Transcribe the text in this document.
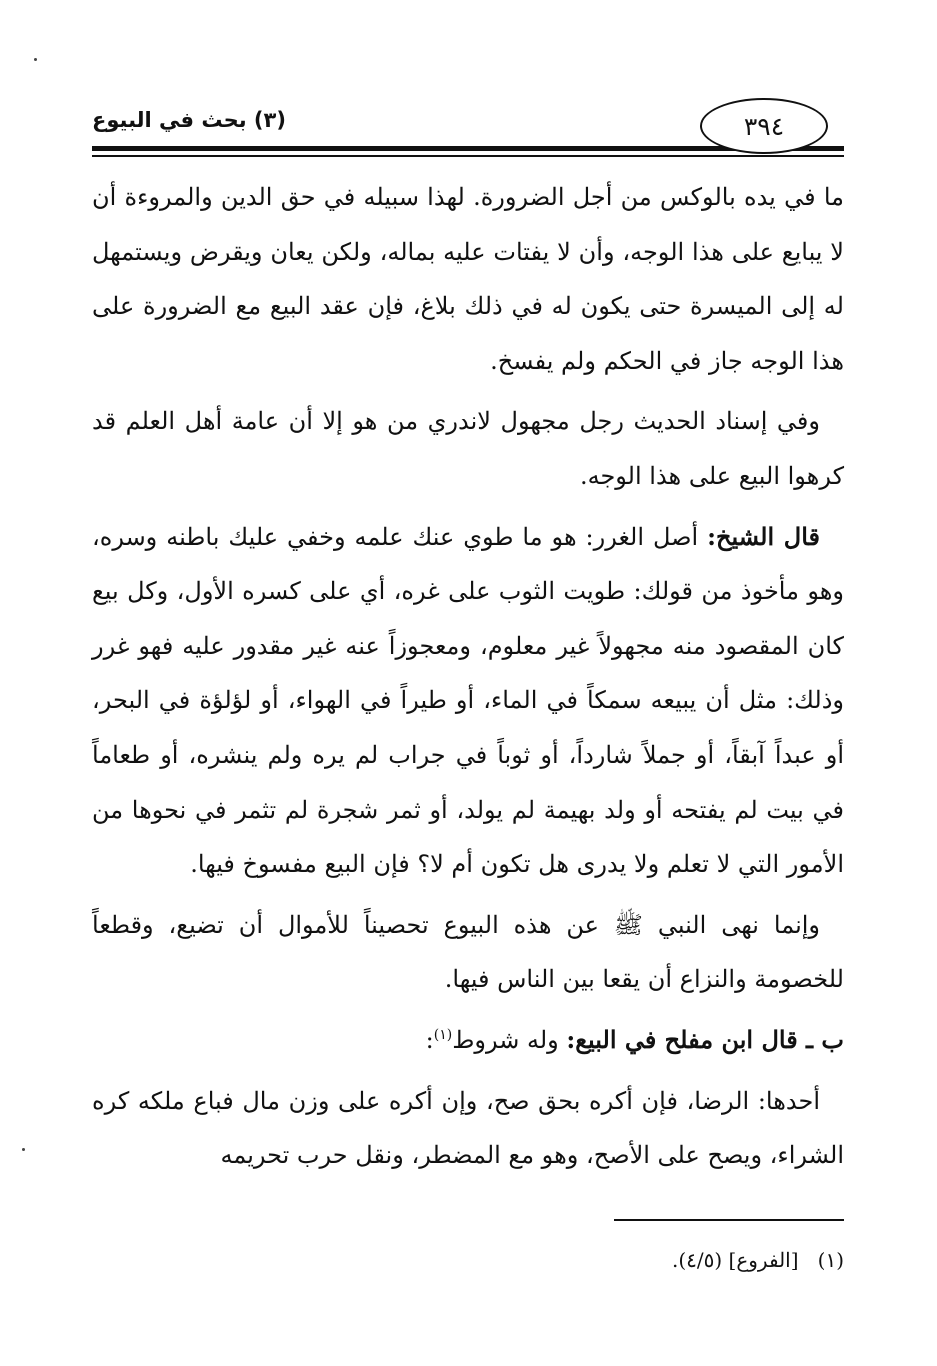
(٣) بحث في البيوع	٣٩٤

ما في يده بالوكس من أجل الضرورة. لهذا سبيله في حق الدين والمروءة أن لا يبايع على هذا الوجه، وأن لا يفتات عليه بماله، ولكن يعان ويقرض ويستمهل له إلى الميسرة حتى يكون له في ذلك بلاغ، فإن عقد البيع مع الضرورة على هذا الوجه جاز في الحكم ولم يفسخ.

وفي إسناد الحديث رجل مجهول لاندري من هو إلا أن عامة أهل العلم قد كرهوا البيع على هذا الوجه.

قال الشيخ: أصل الغرر: هو ما طوي عنك علمه وخفي عليك باطنه وسره، وهو مأخوذ من قولك: طويت الثوب على غره، أي على كسره الأول، وكل بيع كان المقصود منه مجهولاً غير معلوم، ومعجوزاً عنه غير مقدور عليه فهو غرر وذلك: مثل أن يبيعه سمكاً في الماء، أو طيراً في الهواء، أو لؤلؤة في البحر، أو عبداً آبقاً، أو جملاً شارداً، أو ثوباً في جراب لم يره ولم ينشره، أو طعاماً في بيت لم يفتحه أو ولد بهيمة لم يولد، أو ثمر شجرة لم تثمر في نحوها من الأمور التي لا تعلم ولا يدرى هل تكون أم لا؟ فإن البيع مفسوخ فيها.

وإنما نهى النبي ﷺ عن هذه البيوع تحصيناً للأموال أن تضيع، وقطعاً للخصومة والنزاع أن يقعا بين الناس فيها.

ب ـ قال ابن مفلح في البيع: وله شروط$^{(١)}$:

أحدها: الرضا، فإن أكره بحق صح، وإن أكره على وزن مال فباع ملكه كره الشراء، ويصح على الأصح، وهو مع المضطر، ونقل حرب تحريمه

(١)   [الفروع] (٤/٥).
